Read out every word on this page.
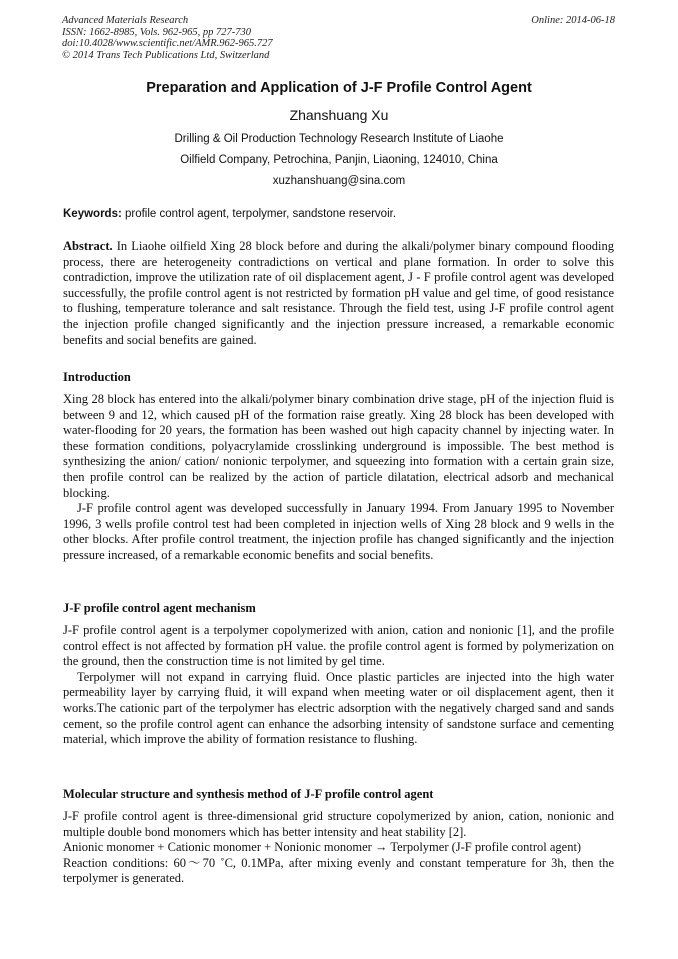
Advanced Materials Research
ISSN: 1662-8985, Vols. 962-965, pp 727-730
doi:10.4028/www.scientific.net/AMR.962-965.727
© 2014 Trans Tech Publications Ltd, Switzerland
Online: 2014-06-18
Preparation and Application of J-F Profile Control Agent
Zhanshuang Xu
Drilling & Oil Production Technology Research Institute of Liaohe
Oilfield Company, Petrochina, Panjin, Liaoning, 124010, China
xuzhanshuang@sina.com
Keywords: profile control agent, terpolymer, sandstone reservoir.

Abstract. In Liaohe oilfield Xing 28 block before and during the alkali/polymer binary compound flooding process, there are heterogeneity contradictions on vertical and plane formation. In order to solve this contradiction, improve the utilization rate of oil displacement agent, J - F profile control agent was developed successfully, the profile control agent is not restricted by formation pH value and gel time, of good resistance to flushing, temperature tolerance and salt resistance. Through the field test, using J-F profile control agent the injection profile changed significantly and the injection pressure increased, a remarkable economic benefits and social benefits are gained.

Introduction

Xing 28 block has entered into the alkali/polymer binary combination drive stage, pH of the injection fluid is between 9 and 12, which caused pH of the formation raise greatly. Xing 28 block has been developed with water-flooding for 20 years, the formation has been washed out high capacity channel by injecting water. In these formation conditions, polyacrylamide crosslinking underground is impossible. The best method is synthesizing the anion/ cation/ nonionic terpolymer, and squeezing into formation with a certain grain size, then profile control can be realized by the action of particle dilatation, electrical adsorb and mechanical blocking.

J-F profile control agent was developed successfully in January 1994. From January 1995 to November 1996, 3 wells profile control test had been completed in injection wells of Xing 28 block and 9 wells in the other blocks. After profile control treatment, the injection profile has changed significantly and the injection pressure increased, of a remarkable economic benefits and social benefits.

J-F profile control agent mechanism

J-F profile control agent is a terpolymer copolymerized with anion, cation and nonionic [1], and the profile control effect is not affected by formation pH value. the profile control agent is formed by polymerization on the ground, then the construction time is not limited by gel time.

Terpolymer will not expand in carrying fluid. Once plastic particles are injected into the high water permeability layer by carrying fluid, it will expand when meeting water or oil displacement agent, then it works.The cationic part of the terpolymer has electric adsorption with the negatively charged sand and sands cement, so the profile control agent can enhance the adsorbing intensity of sandstone surface and cementing material, which improve the ability of formation resistance to flushing.

Molecular structure and synthesis method of J-F profile control agent

J-F profile control agent is three-dimensional grid structure copolymerized by anion, cation, nonionic and multiple double bond monomers which has better intensity and heat stability [2].

Anionic monomer + Cationic monomer + Nonionic monomer → Terpolymer (J-F profile control agent)

Reaction conditions: 60～70 ˚C, 0.1MPa, after mixing evenly and constant temperature for 3h, then the terpolymer is generated.
